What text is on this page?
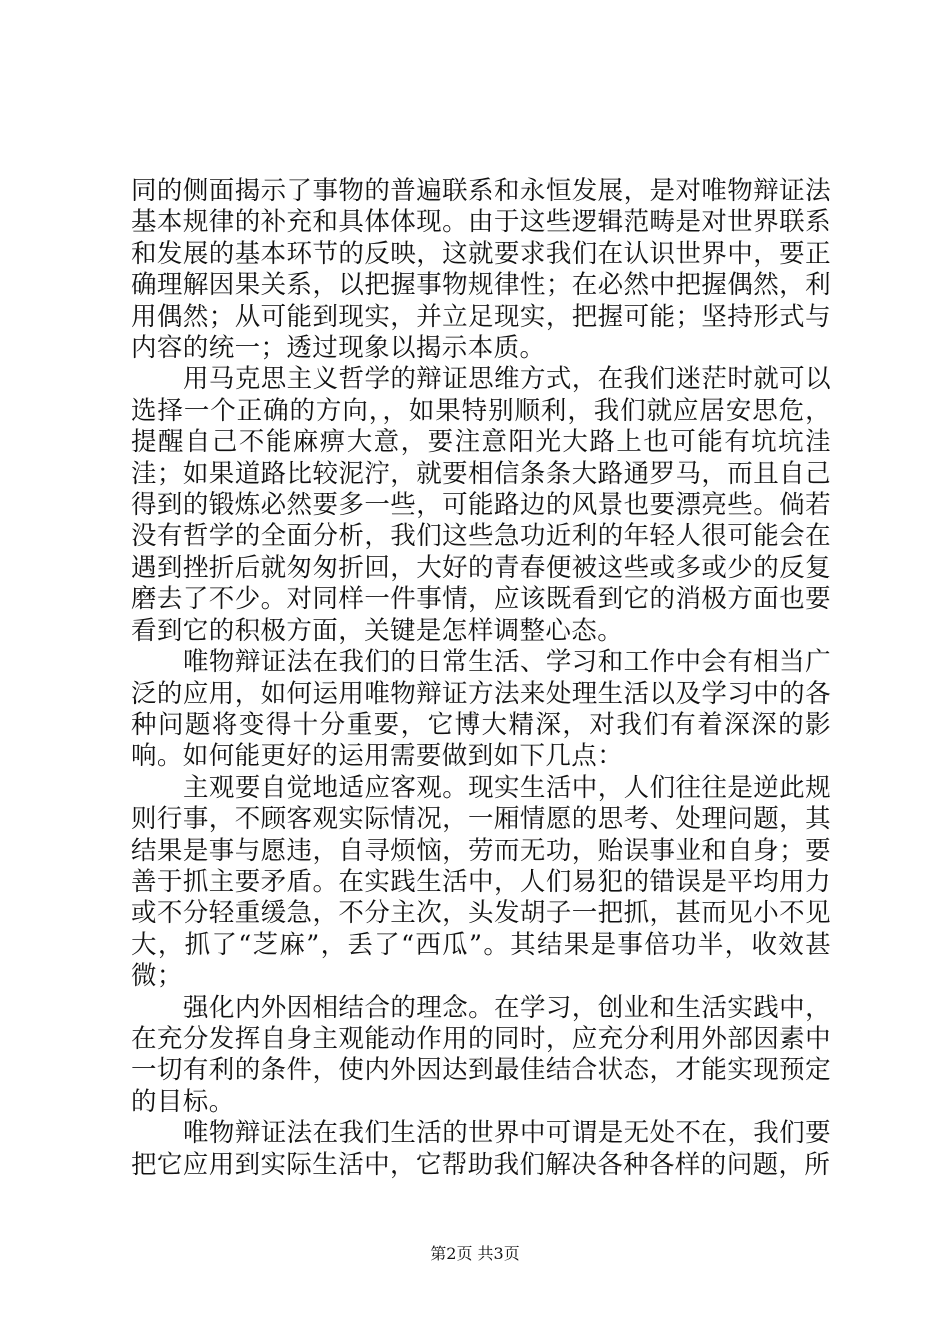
同的侧面揭示了事物的普遍联系和永恒发展，是对唯物辩证法基本规律的补充和具体体现。由于这些逻辑范畴是对世界联系和发展的基本环节的反映，这就要求我们在认识世界中，要正确理解因果关系，以把握事物规律性；在必然中把握偶然，利用偶然；从可能到现实，并立足现实，把握可能；坚持形式与内容的统一；透过现象以揭示本质。

用马克思主义哲学的辩证思维方式，在我们迷茫时就可以选择一个正确的方向，，如果特别顺利，我们就应居安思危，提醒自己不能麻痹大意，要注意阳光大路上也可能有坑坑洼洼；如果道路比较泥泞，就要相信条条大路通罗马，而且自己得到的锻炼必然要多一些，可能路边的风景也要漂亮些。倘若没有哲学的全面分析，我们这些急功近利的年轻人很可能会在遇到挫折后就匆匆折回，大好的青春便被这些或多或少的反复磨去了不少。对同样一件事情，应该既看到它的消极方面也要看到它的积极方面，关键是怎样调整心态。

唯物辩证法在我们的日常生活、学习和工作中会有相当广泛的应用，如何运用唯物辩证方法来处理生活以及学习中的各种问题将变得十分重要，它博大精深，对我们有着深深的影响。如何能更好的运用需要做到如下几点：

主观要自觉地适应客观。现实生活中，人们往往是逆此规则行事，不顾客观实际情况，一厢情愿的思考、处理问题，其结果是事与愿违，自寻烦恼，劳而无功，贻误事业和自身；要善于抓主要矛盾。在实践生活中，人们易犯的错误是平均用力或不分轻重缓急，不分主次，头发胡子一把抓，甚而见小不见大，抓了“芝麻”，丢了“西瓜”。其结果是事倍功半，收效甚微；

强化内外因相结合的理念。在学习，创业和生活实践中，在充分发挥自身主观能动作用的同时，应充分利用外部因素中一切有利的条件，使内外因达到最佳结合状态，才能实现预定的目标。

唯物辩证法在我们生活的世界中可谓是无处不在，我们要把它应用到实际生活中，它帮助我们解决各种各样的问题，所

第2页 共3页
